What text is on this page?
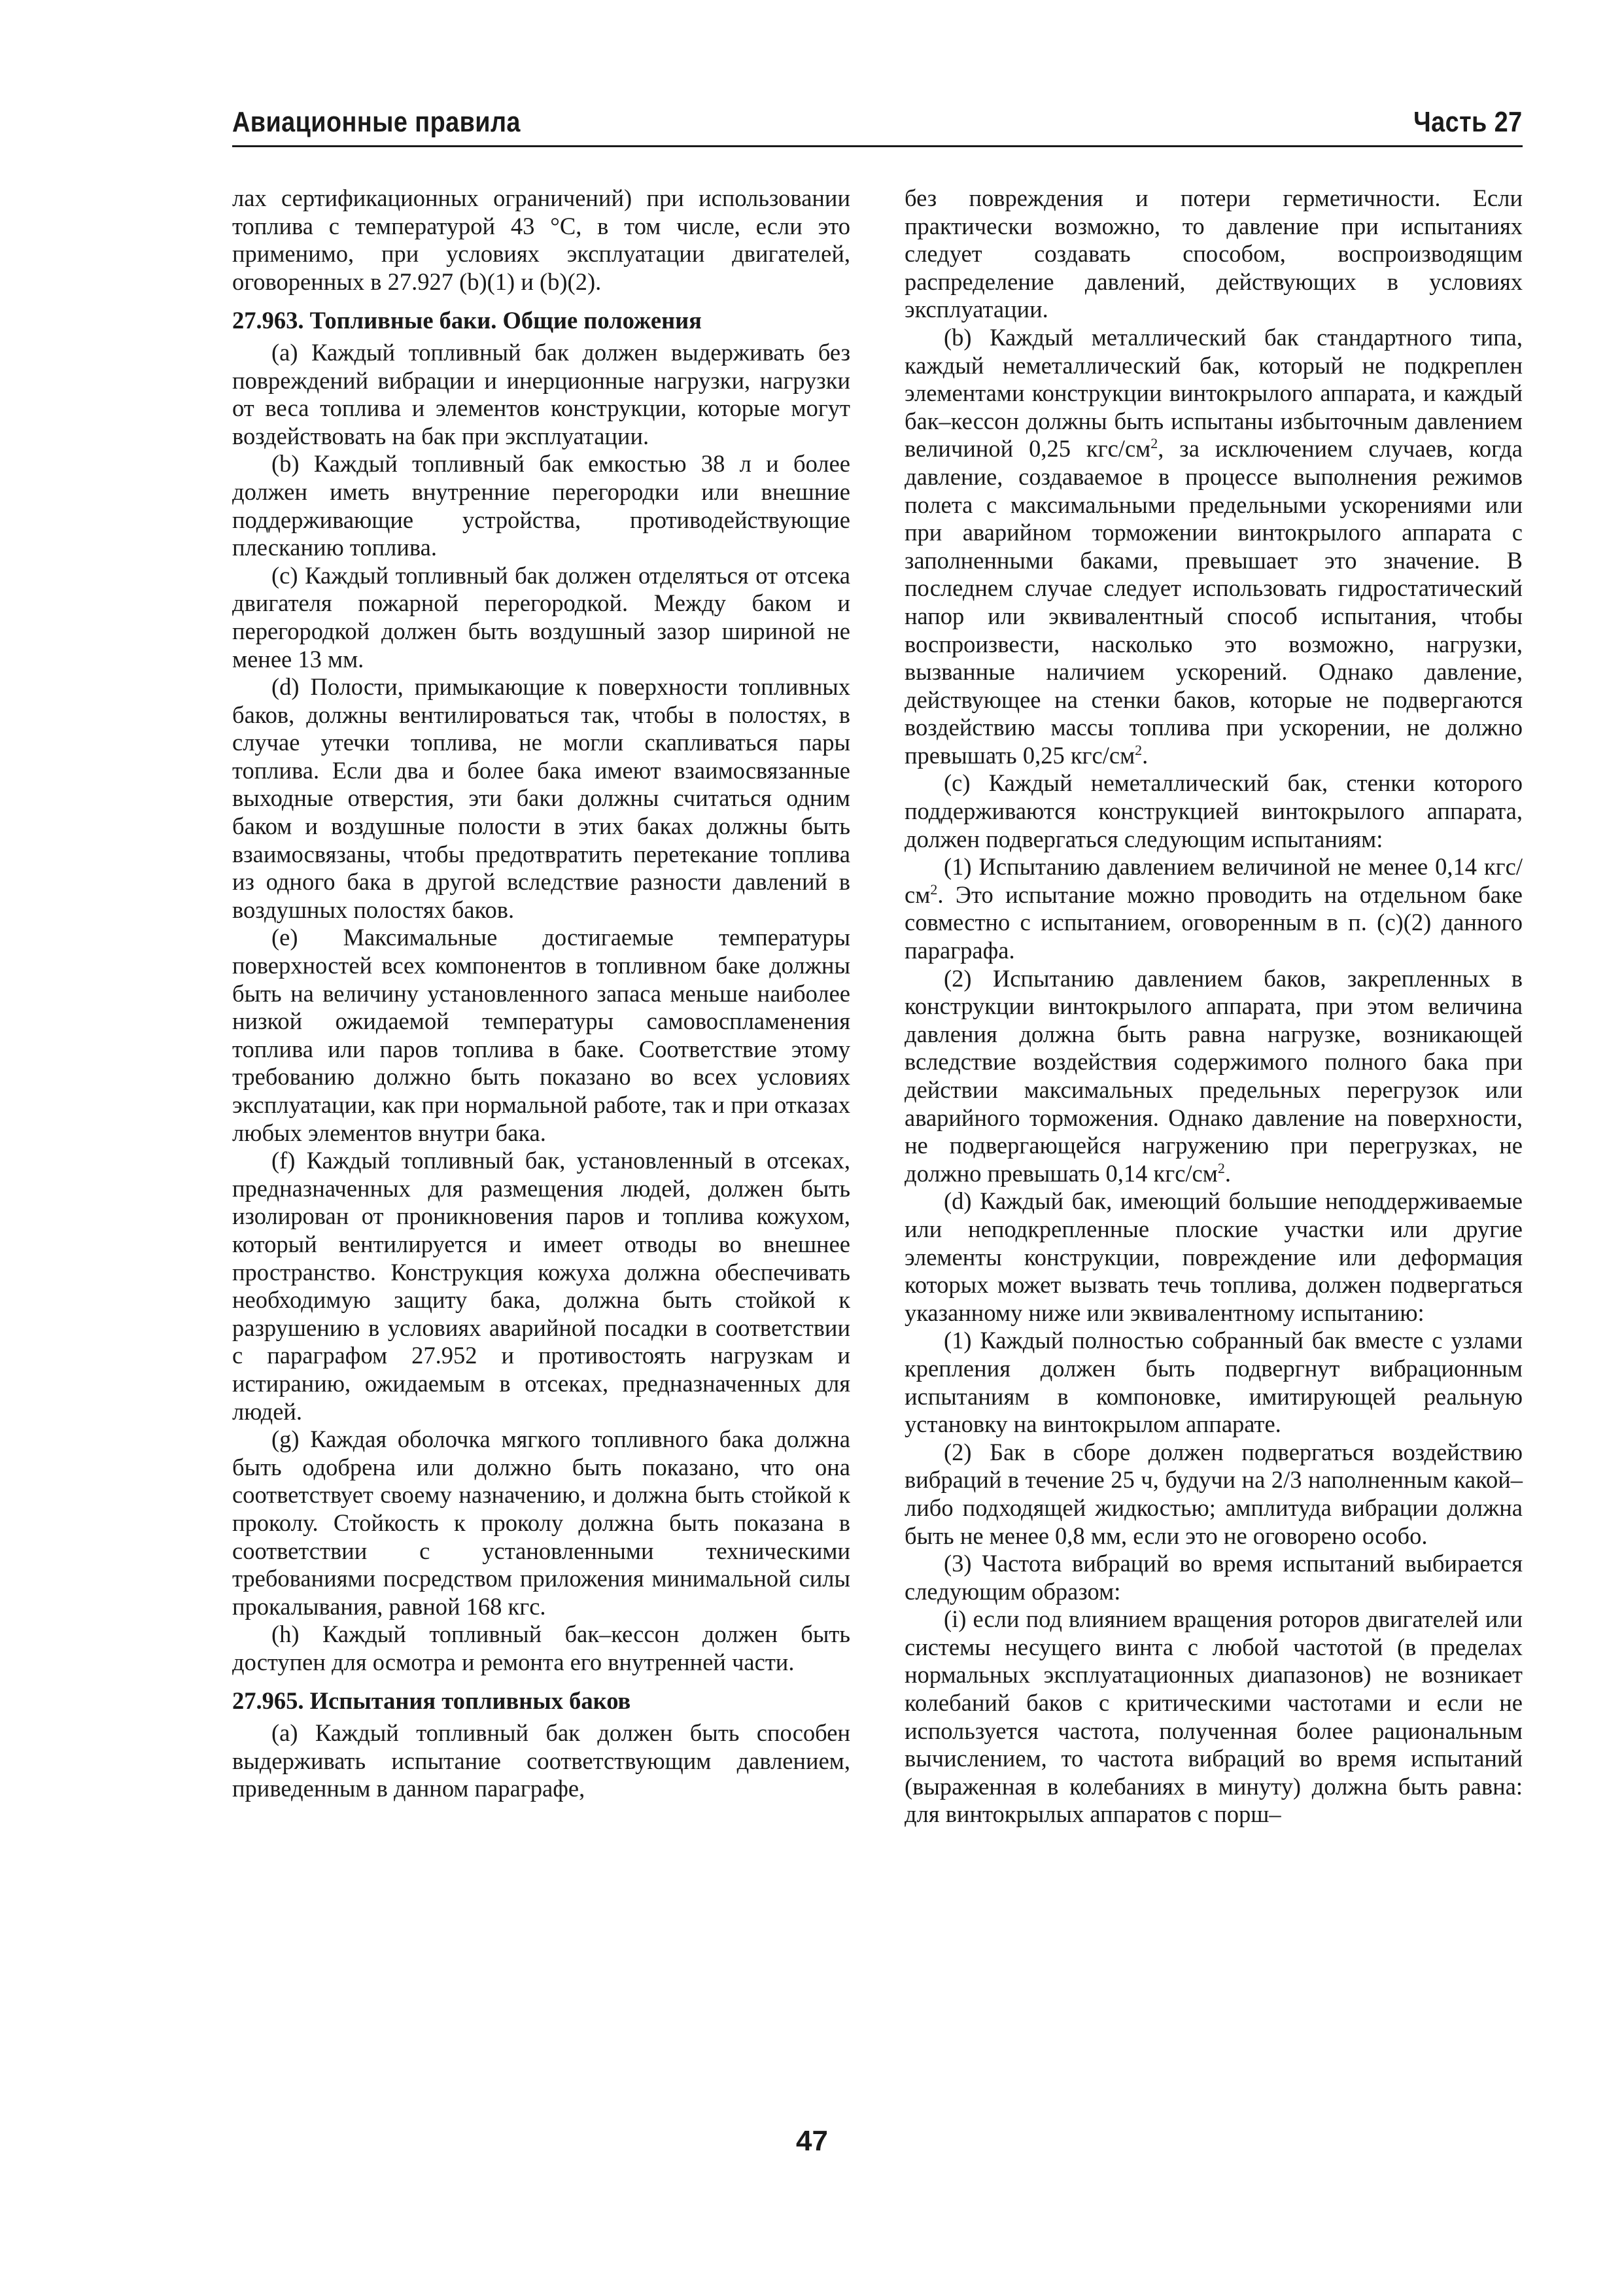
Авиационные правила	Часть 27

лах сертификационных ограничений) при использовании топлива с температурой 43 °С, в том числе, если это применимо, при условиях эксплуатации двигателей, оговоренных в 27.927 (b)(1) и (b)(2).

27.963. Топливные баки. Общие положения

(а) Каждый топливный бак должен выдерживать без повреждений вибрации и инерционные нагрузки, нагрузки от веса топлива и элементов конструкции, которые могут воздействовать на бак при эксплуатации.

(b) Каждый топливный бак емкостью 38 л и более должен иметь внутренние перегородки или внешние поддерживающие устройства, противодействующие плесканию топлива.

(c) Каждый топливный бак должен отделяться от отсека двигателя пожарной перегородкой. Между баком и перегородкой должен быть воздушный зазор шириной не менее 13 мм.

(d) Полости, примыкающие к поверхности топливных баков, должны вентилироваться так, чтобы в полостях, в случае утечки топлива, не могли скапливаться пары топлива. Если два и более бака имеют взаимосвязанные выходные отверстия, эти баки должны считаться одним баком и воздушные полости в этих баках должны быть взаимосвязаны, чтобы предотвратить перетекание топлива из одного бака в другой вследствие разности давлений в воздушных полостях баков.

(e) Максимальные достигаемые температуры поверхностей всех компонентов в топливном баке должны быть на величину установленного запаса меньше наиболее низкой ожидаемой температуры самовоспламенения топлива или паров топлива в баке. Соответствие этому требованию должно быть показано во всех условиях эксплуатации, как при нормальной работе, так и при отказах любых элементов внутри бака.

(f) Каждый топливный бак, установленный в отсеках, предназначенных для размещения людей, должен быть изолирован от проникновения паров и топлива кожухом, который вентилируется и имеет отводы во внешнее пространство. Конструкция кожуха должна обеспечивать необходимую защиту бака, должна быть стойкой к разрушению в условиях аварийной посадки в соответствии с параграфом 27.952 и противостоять нагрузкам и истиранию, ожидаемым в отсеках, предназначенных для людей.

(g) Каждая оболочка мягкого топливного бака должна быть одобрена или должно быть показано, что она соответствует своему назначению, и должна быть стойкой к проколу. Стойкость к проколу должна быть показана в соответствии с установленными техническими требованиями посредством приложения минимальной силы прокалывания, равной 168 кгс.

(h) Каждый топливный бак–кессон должен быть доступен для осмотра и ремонта его внутренней части.

27.965. Испытания топливных баков

(а) Каждый топливный бак должен быть способен выдерживать испытание соответствующим давлением, приведенным в данном параграфе,

без повреждения и потери герметичности. Если практически возможно, то давление при испытаниях следует создавать способом, воспроизводящим распределение давлений, действующих в условиях эксплуатации.

(b) Каждый металлический бак стандартного типа, каждый неметаллический бак, который не подкреплен элементами конструкции винтокрылого аппарата, и каждый бак–кессон должны быть испытаны избыточным давлением величиной 0,25 кгс/$см^2$, за исключением случаев, когда давление, создаваемое в процессе выполнения режимов полета с максимальными предельными ускорениями или при аварийном торможении винтокрылого аппарата с заполненными баками, превышает это значение. В последнем случае следует использовать гидростатический напор или эквивалентный способ испытания, чтобы воспроизвести, насколько это возможно, нагрузки, вызванные наличием ускорений. Однако давление, действующее на стенки баков, которые не подвергаются воздействию массы топлива при ускорении, не должно превышать 0,25 кгс/$см^2$.

(c) Каждый неметаллический бак, стенки которого поддерживаются конструкцией винтокрылого аппарата, должен подвергаться следующим испытаниям:

(1) Испытанию давлением величиной не менее 0,14 кгс/$см^2$. Это испытание можно проводить на отдельном баке совместно с испытанием, оговоренным в п. (c)(2) данного параграфа.

(2) Испытанию давлением баков, закрепленных в конструкции винтокрылого аппарата, при этом величина давления должна быть равна нагрузке, возникающей вследствие воздействия содержимого полного бака при действии максимальных предельных перегрузок или аварийного торможения. Однако давление на поверхности, не подвергающейся нагружению при перегрузках, не должно превышать 0,14 кгс/$см^2$.

(d) Каждый бак, имеющий большие неподдерживаемые или неподкрепленные плоские участки или другие элементы конструкции, повреждение или деформация которых может вызвать течь топлива, должен подвергаться указанному ниже или эквивалентному испытанию:

(1) Каждый полностью собранный бак вместе с узлами крепления должен быть подвергнут вибрационным испытаниям в компоновке, имитирующей реальную установку на винтокрылом аппарате.

(2) Бак в сборе должен подвергаться воздействию вибраций в течение 25 ч, будучи на 2/3 наполненным какой–либо подходящей жидкостью; амплитуда вибрации должна быть не менее 0,8 мм, если это не оговорено особо.

(3) Частота вибраций во время испытаний выбирается следующим образом:

(i) если под влиянием вращения роторов двигателей или системы несущего винта с любой частотой (в пределах нормальных эксплуатационных диапазонов) не возникает колебаний баков с критическими частотами и если не используется частота, полученная более рациональным вычислением, то частота вибраций во время испытаний (выраженная в колебаниях в минуту) должна быть равна: для винтокрылых аппаратов с порш–

47
